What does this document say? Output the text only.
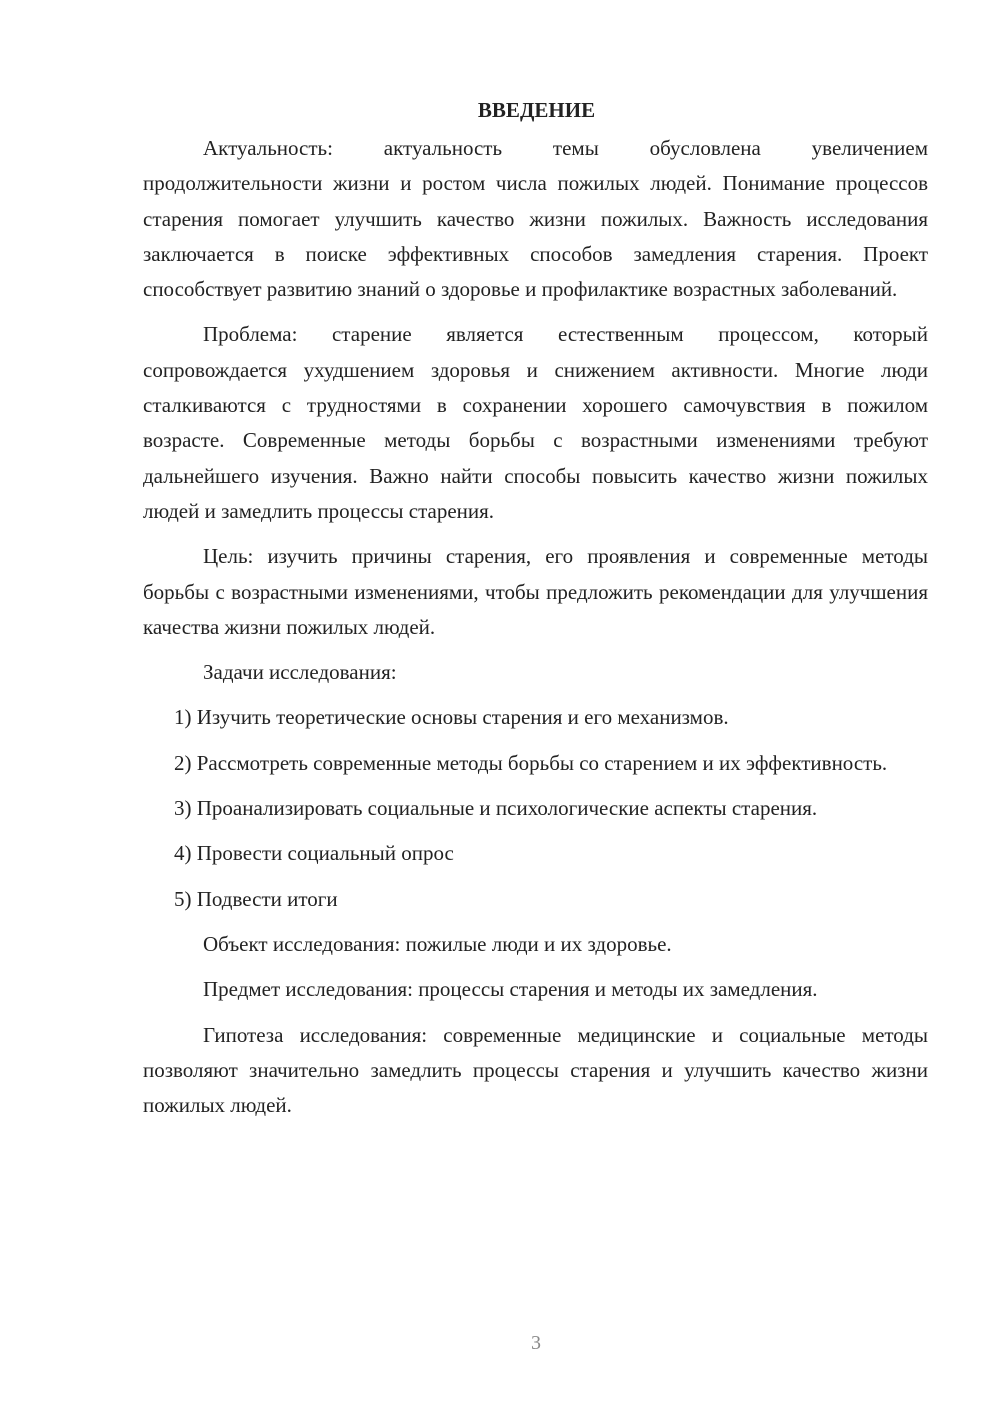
ВВЕДЕНИЕ

Актуальность: актуальность темы обусловлена увеличением продолжительности жизни и ростом числа пожилых людей. Понимание процессов старения помогает улучшить качество жизни пожилых. Важность исследования заключается в поиске эффективных способов замедления старения. Проект способствует развитию знаний о здоровье и профилактике возрастных заболеваний.

Проблема: старение является естественным процессом, который сопровождается ухудшением здоровья и снижением активности. Многие люди сталкиваются с трудностями в сохранении хорошего самочувствия в пожилом возрасте. Современные методы борьбы с возрастными изменениями требуют дальнейшего изучения. Важно найти способы повысить качество жизни пожилых людей и замедлить процессы старения.

Цель: изучить причины старения, его проявления и современные методы борьбы с возрастными изменениями, чтобы предложить рекомендации для улучшения качества жизни пожилых людей.

Задачи исследования:

1) Изучить теоретические основы старения и его механизмов.

2) Рассмотреть современные методы борьбы со старением и их эффективность.

3) Проанализировать социальные и психологические аспекты старения.

4) Провести социальный опрос

5) Подвести итоги

Объект исследования: пожилые люди и их здоровье.

Предмет исследования: процессы старения и методы их замедления.

Гипотеза исследования: современные медицинские и социальные методы позволяют значительно замедлить процессы старения и улучшить качество жизни пожилых людей.

3
